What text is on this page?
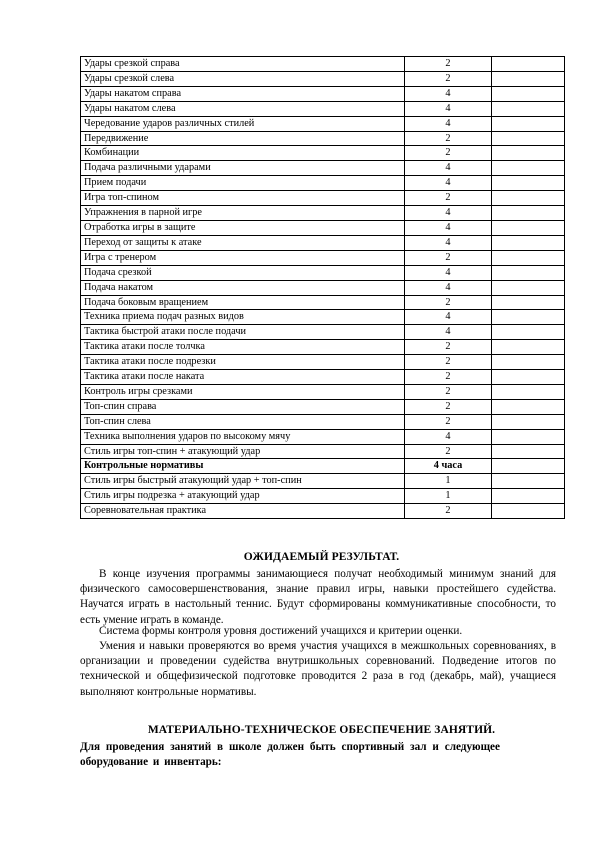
Удары срезкой справа	2	
Удары срезкой слева	2	
Удары накатом справа	4	
Удары накатом слева	4	
Чередование ударов различных стилей	4	
Передвижение	2	
Комбинации	2	
Подача различными ударами	4	
Прием подачи	4	
Игра топ-спином	2	
Упражнения в парной игре	4	
Отработка игры в защите	4	
Переход от защиты к атаке	4	
Игра с тренером	2	
Подача срезкой	4	
Подача накатом	4	
Подача боковым вращением	2	
Техника приема подач разных видов	4	
Тактика быстрой атаки после подачи	4	
Тактика атаки после толчка	2	
Тактика атаки после подрезки	2	
Тактика атаки после наката	2	
Контроль игры срезками	2	
Топ-спин справа	2	
Топ-спин слева	2	
Техника выполнения ударов по высокому мячу	4	
Стиль игры топ-спин + атакующий удар	2	
Контрольные нормативы	4 часа	
Стиль игры быстрый атакующий удар + топ-спин	1	
Стиль игры подрезка + атакующий удар	1	
Соревновательная практика	2	
ОЖИДАЕМЫЙ РЕЗУЛЬТАТ.

В конце изучения программы занимающиеся получат необходимый минимум знаний для физического самосовершенствования, знание правил игры, навыки простейшего судейства. Научатся играть в настольный теннис. Будут сформированы коммуникативные способности, то есть умение играть в команде.

Система формы контроля уровня достижений учащихся и критерии оценки.

Умения и навыки проверяются во время участия учащихся в межшкольных соревнованиях, в организации и проведении судейства внутришкольных соревнований. Подведение итогов по технической и общефизической подготовке проводится 2 раза в год (декабрь, май), учащиеся выполняют контрольные нормативы.

МАТЕРИАЛЬНО-ТЕХНИЧЕСКОЕ ОБЕСПЕЧЕНИЕ ЗАНЯТИЙ.

Для проведения занятий в школе должен быть спортивный зал и следующее оборудование и инвентарь:
